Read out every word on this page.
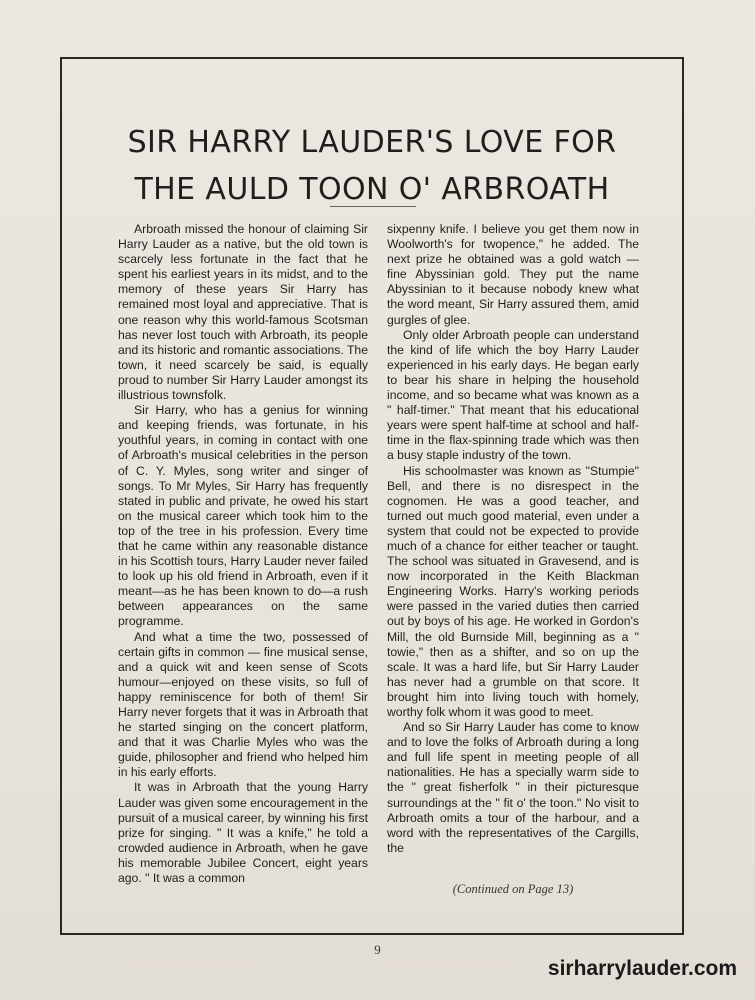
SIR HARRY LAUDER'S LOVE FOR
THE AULD TOON O' ARBROATH

Arbroath missed the honour of claiming Sir Harry Lauder as a native, but the old town is scarcely less fortunate in the fact that he spent his earliest years in its midst, and to the memory of these years Sir Harry has remained most loyal and appreciative. That is one reason why this world-famous Scotsman has never lost touch with Arbroath, its people and its historic and romantic associations. The town, it need scarcely be said, is equally proud to number Sir Harry Lauder amongst its illustrious townsfolk.

Sir Harry, who has a genius for winning and keeping friends, was fortunate, in his youthful years, in coming in contact with one of Arbroath's musical celebrities in the person of C. Y. Myles, song writer and singer of songs. To Mr Myles, Sir Harry has frequently stated in public and private, he owed his start on the musical career which took him to the top of the tree in his profession. Every time that he came within any reasonable distance in his Scottish tours, Harry Lauder never failed to look up his old friend in Arbroath, even if it meant—as he has been known to do—a rush between appearances on the same programme.

And what a time the two, possessed of certain gifts in common — fine musical sense, and a quick wit and keen sense of Scots humour—enjoyed on these visits, so full of happy reminiscence for both of them! Sir Harry never forgets that it was in Arbroath that he started singing on the concert platform, and that it was Charlie Myles who was the guide, philosopher and friend who helped him in his early efforts.

It was in Arbroath that the young Harry Lauder was given some encouragement in the pursuit of a musical career, by winning his first prize for singing. " It was a knife," he told a crowded audience in Arbroath, when he gave his memorable Jubilee Concert, eight years ago. " It was a common

sixpenny knife. I believe you get them now in Woolworth's for twopence," he added. The next prize he obtained was a gold watch —fine Abyssinian gold. They put the name Abyssinian to it because nobody knew what the word meant, Sir Harry assured them, amid gurgles of glee.

Only older Arbroath people can understand the kind of life which the boy Harry Lauder experienced in his early days. He began early to bear his share in helping the household income, and so became what was known as a " half-timer." That meant that his educational years were spent half-time at school and half-time in the flax-spinning trade which was then a busy staple industry of the town.

His schoolmaster was known as "Stumpie" Bell, and there is no disrespect in the cognomen. He was a good teacher, and turned out much good material, even under a system that could not be expected to provide much of a chance for either teacher or taught. The school was situated in Gravesend, and is now incorporated in the Keith Blackman Engineering Works. Harry's working periods were passed in the varied duties then carried out by boys of his age. He worked in Gordon's Mill, the old Burnside Mill, beginning as a " towie," then as a shifter, and so on up the scale. It was a hard life, but Sir Harry Lauder has never had a grumble on that score. It brought him into living touch with homely, worthy folk whom it was good to meet.

And so Sir Harry Lauder has come to know and to love the folks of Arbroath during a long and full life spent in meeting people of all nationalities. He has a specially warm side to the " great fisherfolk " in their picturesque surroundings at the " fit o' the toon." No visit to Arbroath omits a tour of the harbour, and a word with the representatives of the Cargills, the

(Continued on Page 13)
9
sirharrylauder.com
